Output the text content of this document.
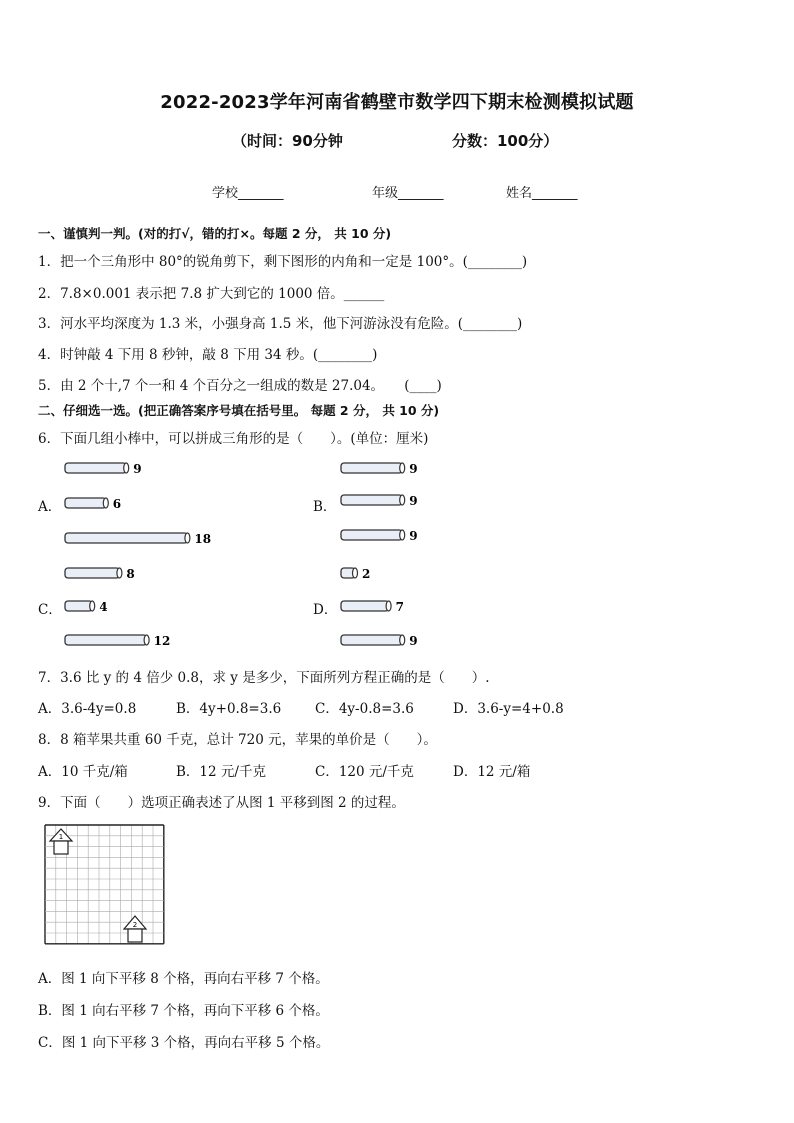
2022-2023学年河南省鹤壁市数学四下期末检测模拟试题
（时间：90分钟	分数：100分）
学校_______	年级_______	姓名_______
一、谨慎判一判。(对的打√，错的打×。每题 2 分， 共 10 分)
1．把一个三角形中 80°的锐角剪下，剩下图形的内角和一定是 100°。(________)
2．7.8×0.001 表示把 7.8 扩大到它的 1000 倍。______
3．河水平均深度为 1.3 米，小强身高 1.5 米，他下河游泳没有危险。(________)
4．时钟敲 4 下用 8 秒钟，敲 8 下用 34 秒。(________)
5．由 2 个十,7 个一和 4 个百分之一组成的数是 27.04。　　(____)
二、仔细选一选。(把正确答案序号填在括号里。 每题 2 分， 共 10 分)
6．下面几组小棒中，可以拼成三角形的是（　　）。(单位：厘米)
A．	B．
C．	D．
9
6
18
9
9
9
8
4
12
2
7
9
7．3.6 比 y 的 4 倍少 0.8，求 y 是多少，下面所列方程正确的是（　　）.
A．3.6-4y=0.8	B．4y+0.8=3.6	C．4y-0.8=3.6	D．3.6-y=4+0.8
8．8 箱苹果共重 60 千克，总计 720 元，苹果的单价是（　　）。
A．10 千克/箱	B．12 元/千克	C．120 元/千克	D．12 元/箱
9．下面（　　）选项正确表述了从图 1 平移到图 2 的过程。
1
2
A．图 1 向下平移 8 个格，再向右平移 7 个格。
B．图 1 向右平移 7 个格，再向下平移 6 个格。
C．图 1 向下平移 3 个格，再向右平移 5 个格。
